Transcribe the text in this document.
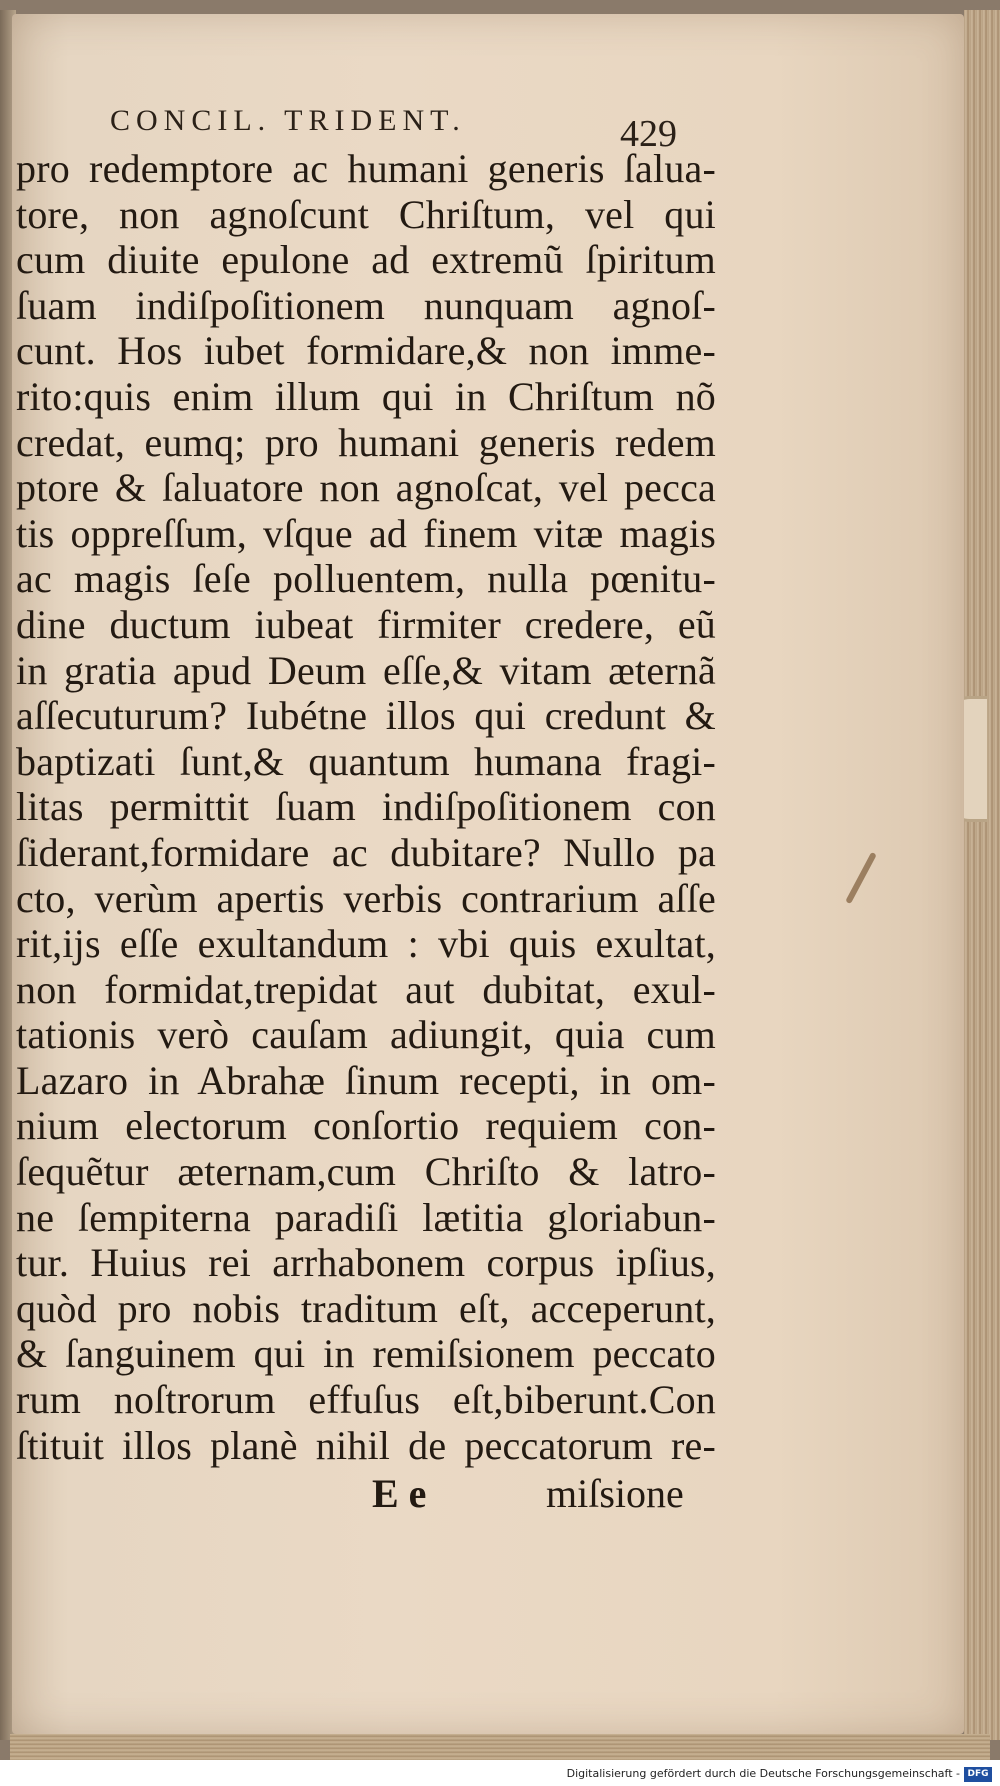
CONCIL. TRIDENT.	429
pro redemptore ac humani generis ſalua-
tore, non agnoſcunt Chriſtum, vel qui
cum diuite epulone ad extremũ ſpiritum
ſuam indiſpoſitionem nunquam agnoſ-
cunt. Hos iubet formidare,& non imme-
rito:quis enim illum qui in Chriſtum nõ
credat, eumq; pro humani generis redem
ptore & ſaluatore non agnoſcat, vel pecca
tis oppreſſum, vſque ad finem vitæ magis
ac magis ſeſe polluentem, nulla pœnitu-
dine ductum iubeat firmiter credere, eũ
in gratia apud Deum eſſe,& vitam æternã
aſſecuturum? Iubétne illos qui credunt &
baptizati ſunt,& quantum humana fragi-
litas permittit ſuam indiſpoſitionem con
ſiderant,formidare ac dubitare? Nullo pa
cto, verùm apertis verbis contrarium aſſe
rit,ijs eſſe exultandum : vbi quis exultat,
non formidat,trepidat aut dubitat, exul-
tationis verò cauſam adiungit, quia cum
Lazaro in Abrahæ ſinum recepti, in om-
nium electorum conſortio requiem con-
ſequẽtur æternam,cum Chriſto & latro-
ne ſempiterna paradiſi lætitia gloriabun-
tur. Huius rei arrhabonem corpus ipſius,
quòd pro nobis traditum eſt, acceperunt,
& ſanguinem qui in remiſsionem peccato
rum noſtrorum effuſus eſt,biberunt.Con
ſtituit illos planè nihil de peccatorum re-
E e	miſsione
Digitalisierung gefördert durch die Deutsche Forschungsgemeinschaft - DFG
